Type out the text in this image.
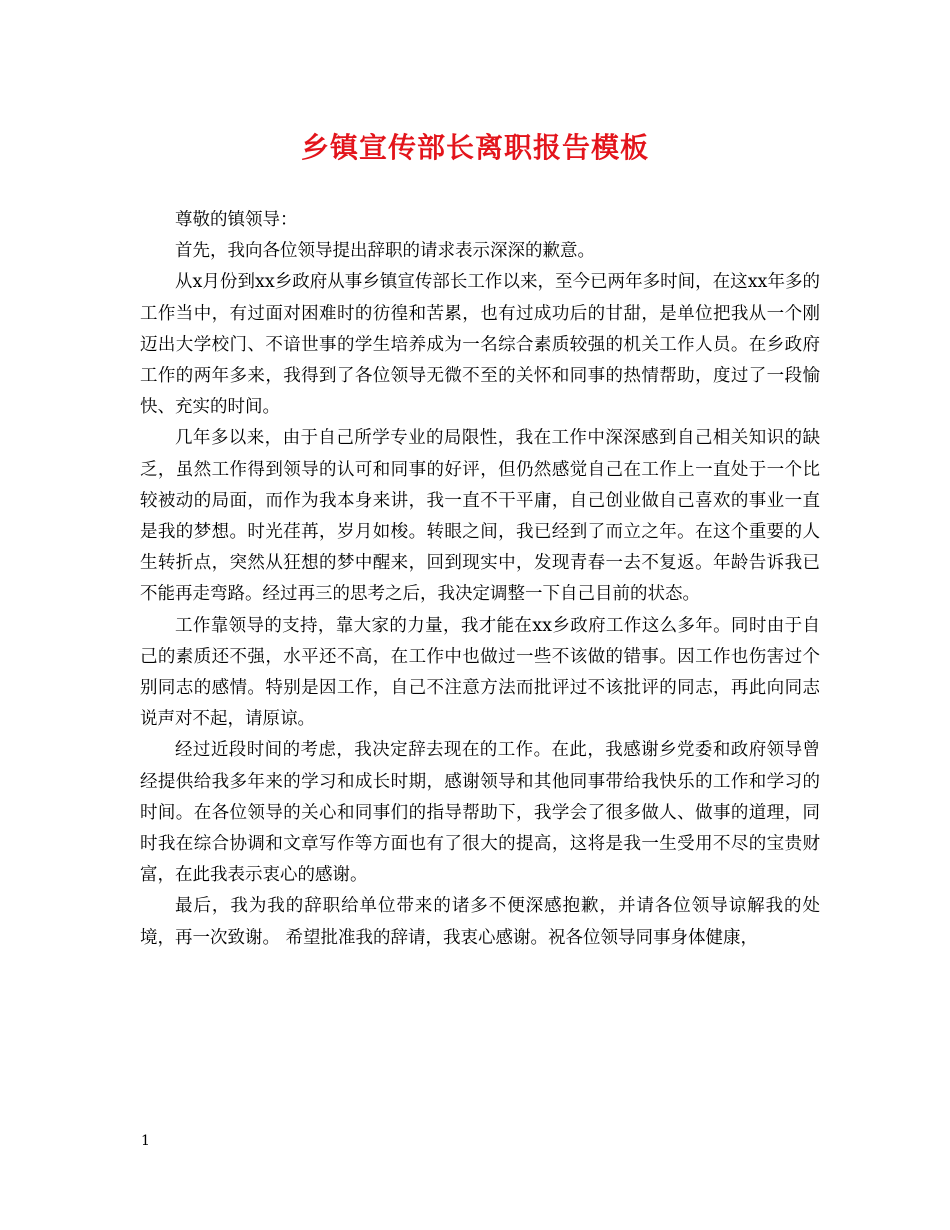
乡镇宣传部长离职报告模板

尊敬的镇领导：

首先，我向各位领导提出辞职的请求表示深深的歉意。

从x月份到xx乡政府从事乡镇宣传部长工作以来，至今已两年多时间，在这xx年多的工作当中，有过面对困难时的彷徨和苦累，也有过成功后的甘甜，是单位把我从一个刚迈出大学校门、不谙世事的学生培养成为一名综合素质较强的机关工作人员。在乡政府工作的两年多来，我得到了各位领导无微不至的关怀和同事的热情帮助，度过了一段愉快、充实的时间。

几年多以来，由于自己所学专业的局限性，我在工作中深深感到自己相关知识的缺乏，虽然工作得到领导的认可和同事的好评，但仍然感觉自己在工作上一直处于一个比较被动的局面，而作为我本身来讲，我一直不干平庸，自己创业做自己喜欢的事业一直是我的梦想。时光荏苒，岁月如梭。转眼之间，我已经到了而立之年。在这个重要的人生转折点，突然从狂想的梦中醒来，回到现实中，发现青春一去不复返。年龄告诉我已不能再走弯路。经过再三的思考之后，我决定调整一下自己目前的状态。

工作靠领导的支持，靠大家的力量，我才能在xx乡政府工作这么多年。同时由于自己的素质还不强，水平还不高，在工作中也做过一些不该做的错事。因工作也伤害过个别同志的感情。特别是因工作，自己不注意方法而批评过不该批评的同志，再此向同志说声对不起，请原谅。

经过近段时间的考虑，我决定辞去现在的工作。在此，我感谢乡党委和政府领导曾经提供给我多年来的学习和成长时期，感谢领导和其他同事带给我快乐的工作和学习的时间。在各位领导的关心和同事们的指导帮助下，我学会了很多做人、做事的道理，同时我在综合协调和文章写作等方面也有了很大的提高，这将是我一生受用不尽的宝贵财富，在此我表示衷心的感谢。

最后，我为我的辞职给单位带来的诸多不便深感抱歉，并请各位领导谅解我的处境，再一次致谢。 希望批准我的辞请，我衷心感谢。祝各位领导同事身体健康，

1
